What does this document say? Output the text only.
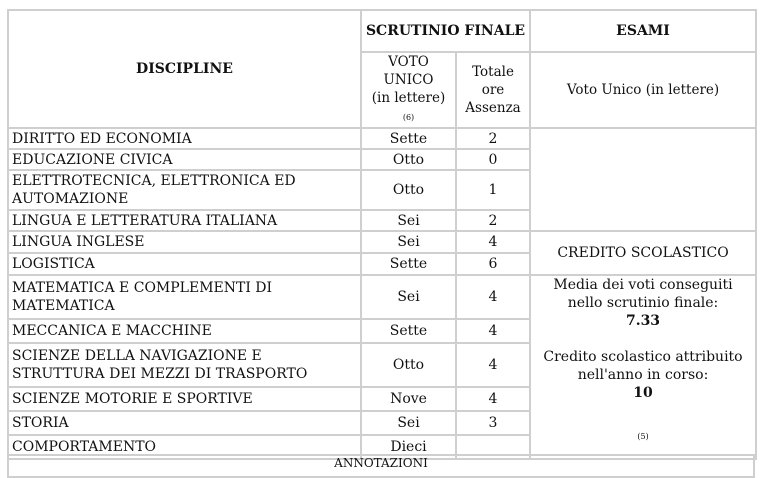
DISCIPLINE	SCRUTINIO FINALE		ESAMI
	VOTO
UNICO
(in lettere) (6)	Totale ore Assenza	Voto Unico (in lettere)
DIRITTO ED ECONOMIA	Sette	2	
EDUCAZIONE CIVICA	Otto	0	
ELETTROTECNICA, ELETTRONICA ED AUTOMAZIONE	Otto	1	
LINGUA E LETTERATURA ITALIANA	Sei	2	
LINGUA INGLESE	Sei	4	CREDITO SCOLASTICO
LOGISTICA	Sette	6	
MATEMATICA E COMPLEMENTI DI MATEMATICA	Sei	4	Media dei voti conseguiti nello scrutinio finale:
7.33
Credito scolastico attribuito nell'anno in corso:
10
(5)

MECCANICA E MACCHINE	Sette	4	
SCIENZE DELLA NAVIGAZIONE E STRUTTURA DEI MEZZI DI TRASPORTO	Otto	4	
SCIENZE MOTORIE E SPORTIVE	Nove	4	
STORIA	Sei	3	
COMPORTAMENTO	Dieci		
ANNOTAZIONI
